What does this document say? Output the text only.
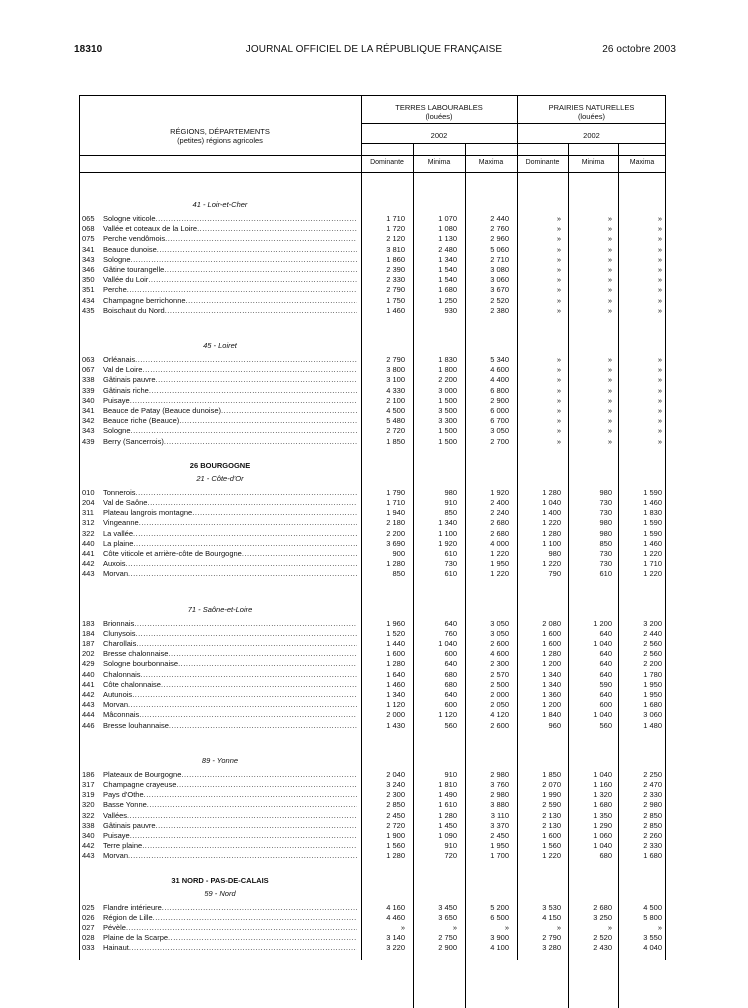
18310	JOURNAL OFFICIEL DE LA RÉPUBLIQUE FRANÇAISE	26 octobre 2003
RÉGIONS, DÉPARTEMENTS
(petites) régions agricoles
TERRES LABOURABLES
(louées)
PRAIRIES NATURELLES
(louées)
2002	2002
Dominante	Minima	Maxima	Dominante	Minima	Maxima
41 - Loir-et-Cher
065 Sologne viticole .....	1 710	1 070	2 440	»	»	»
068 Vallée et coteaux de la Loire .....	1 720	1 080	2 760	»	»	»
075 Perche vendômois .....	2 120	1 130	2 960	»	»	»
341 Beauce dunoise .....	3 810	2 480	5 060	»	»	»
343 Sologne .....	1 860	1 340	2 710	»	»	»
346 Gâtine tourangelle .....	2 390	1 540	3 080	»	»	»
350 Vallée du Loir .....	2 330	1 540	3 060	»	»	»
351 Perche .....	2 790	1 680	3 670	»	»	»
434 Champagne berrichonne .....	1 750	1 250	2 520	»	»	»
435 Boischaut du Nord .....	1 460	930	2 380	»	»	»
45 - Loiret
063 Orléanais .....	2 790	1 830	5 340	»	»	»
067 Val de Loire .....	3 800	1 800	4 600	»	»	»
338 Gâtinais pauvre .....	3 100	2 200	4 400	»	»	»
339 Gâtinais riche .....	4 330	3 000	6 800	»	»	»
340 Puisaye .....	2 100	1 500	2 900	»	»	»
341 Beauce de Patay (Beauce dunoise) .....	4 500	3 500	6 000	»	»	»
342 Beauce riche (Beauce) .....	5 480	3 300	6 700	»	»	»
343 Sologne .....	2 720	1 500	3 050	»	»	»
439 Berry (Sancerrois) .....	1 850	1 500	2 700	»	»	»
26 BOURGOGNE
21 - Côte-d'Or
010 Tonnerois .....	1 790	980	1 920	1 280	980	1 590
204 Val de Saône .....	1 710	910	2 400	1 040	730	1 460
311 Plateau langrois montagne .....	1 940	850	2 240	1 400	730	1 830
312 Vingeanne .....	2 180	1 340	2 680	1 220	980	1 590
322 La vallée .....	2 200	1 100	2 680	1 280	980	1 590
440 La plaine .....	3 690	1 920	4 000	1 100	850	1 460
441 Côte viticole et arrière-côte de Bourgogne .....	900	610	1 220	980	730	1 220
442 Auxois .....	1 280	730	1 950	1 220	730	1 710
443 Morvan .....	850	610	1 220	790	610	1 220
71 - Saône-et-Loire
183 Brionnais .....	1 960	640	3 050	2 080	1 200	3 200
184 Clunysois .....	1 520	760	3 050	1 600	640	2 440
187 Charollais .....	1 440	1 040	2 600	1 600	1 040	2 560
202 Bresse chalonnaise .....	1 600	600	4 600	1 280	640	2 560
429 Sologne bourbonnaise .....	1 280	640	2 300	1 200	640	2 200
440 Chalonnais .....	1 640	680	2 570	1 340	640	1 780
441 Côte chalonnaise .....	1 460	680	2 500	1 340	590	1 950
442 Autunois .....	1 340	640	2 000	1 360	640	1 950
443 Morvan .....	1 120	600	2 050	1 200	600	1 680
444 Mâconnais .....	2 000	1 120	4 120	1 840	1 040	3 060
446 Bresse louhannaise .....	1 430	560	2 600	960	560	1 480
89 - Yonne
186 Plateaux de Bourgogne .....	2 040	910	2 980	1 850	1 040	2 250
317 Champagne crayeuse .....	3 240	1 810	3 760	2 070	1 160	2 470
319 Pays d'Othe .....	2 300	1 490	2 980	1 990	1 320	2 330
320 Basse Yonne .....	2 850	1 610	3 880	2 590	1 680	2 980
322 Vallées .....	2 450	1 280	3 110	2 130	1 350	2 850
338 Gâtinais pauvre .....	2 720	1 450	3 370	2 130	1 290	2 850
340 Puisaye .....	1 900	1 090	2 450	1 600	1 060	2 260
442 Terre plaine .....	1 560	910	1 950	1 560	1 040	2 330
443 Morvan .....	1 280	720	1 700	1 220	680	1 680
31 NORD - PAS-DE-CALAIS
59 - Nord
025 Flandre intérieure .....	4 160	3 450	5 200	3 530	2 680	4 500
026 Région de Lille .....	4 460	3 650	6 500	4 150	3 250	5 800
027 Pévèle .....	»	»	»	»	»	»
028 Plaine de la Scarpe .....	3 140	2 750	3 900	2 790	2 520	3 550
033 Hainaut .....	3 220	2 900	4 100	3 280	2 430	4 040
